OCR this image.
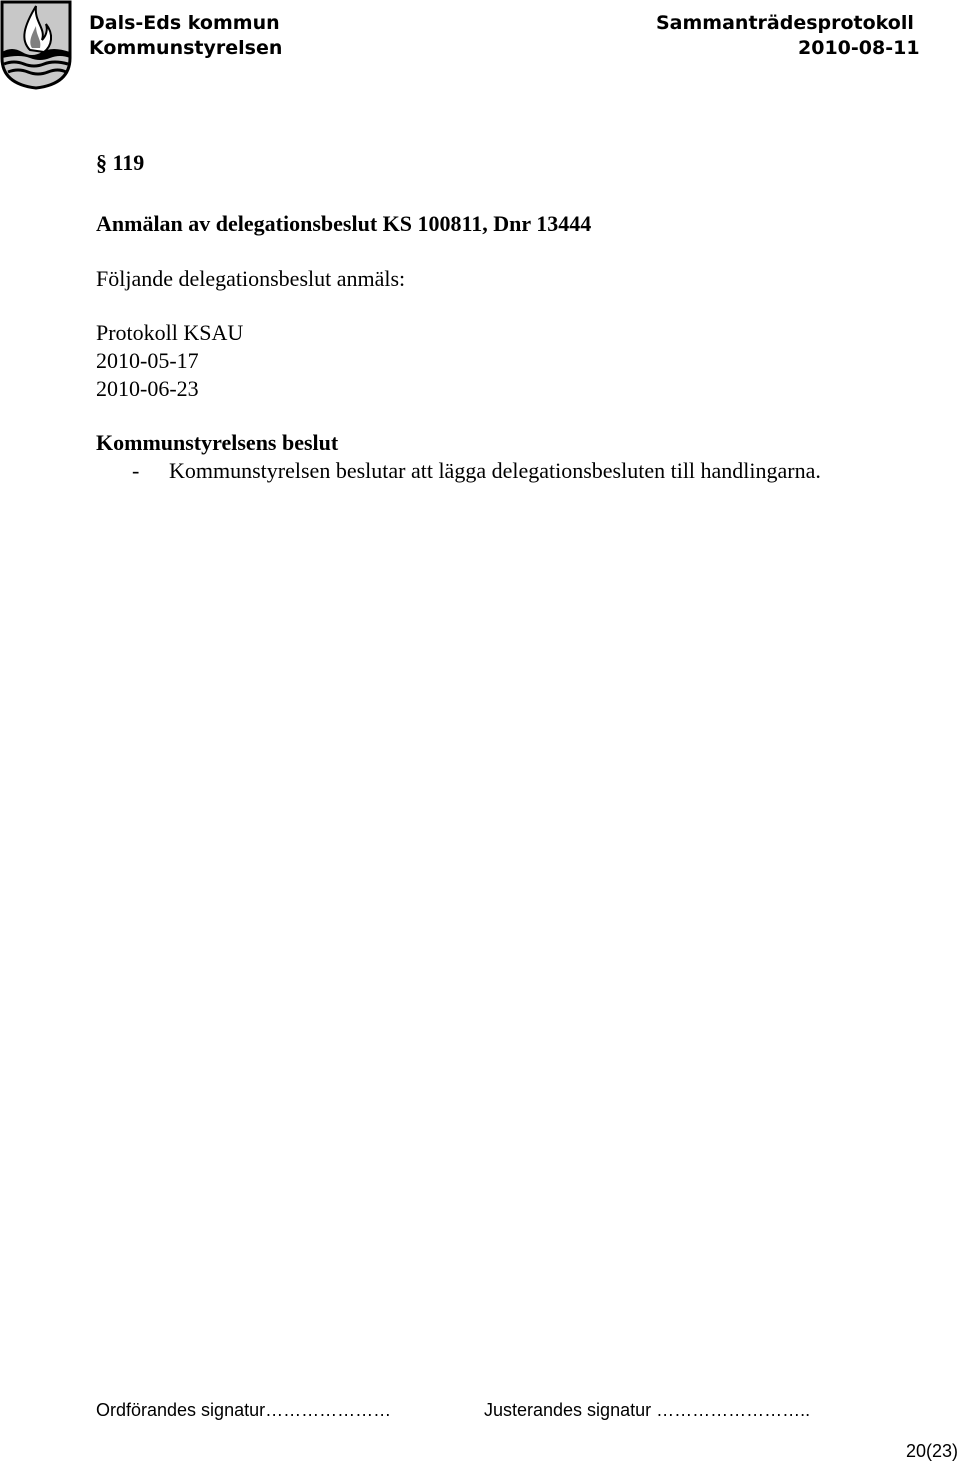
Dals-Eds kommun
Kommunstyrelsen
Sammanträdesprotokoll
2010-08-11
§ 119
Anmälan av delegationsbeslut KS 100811, Dnr 13444
Följande delegationsbeslut anmäls:
Protokoll KSAU
2010-05-17
2010-06-23
Kommunstyrelsens beslut
- Kommunstyrelsen beslutar att lägga delegationsbesluten till handlingarna.
Ordförandes signatur…………………	Justerandes signatur ……………………..
20(23)
